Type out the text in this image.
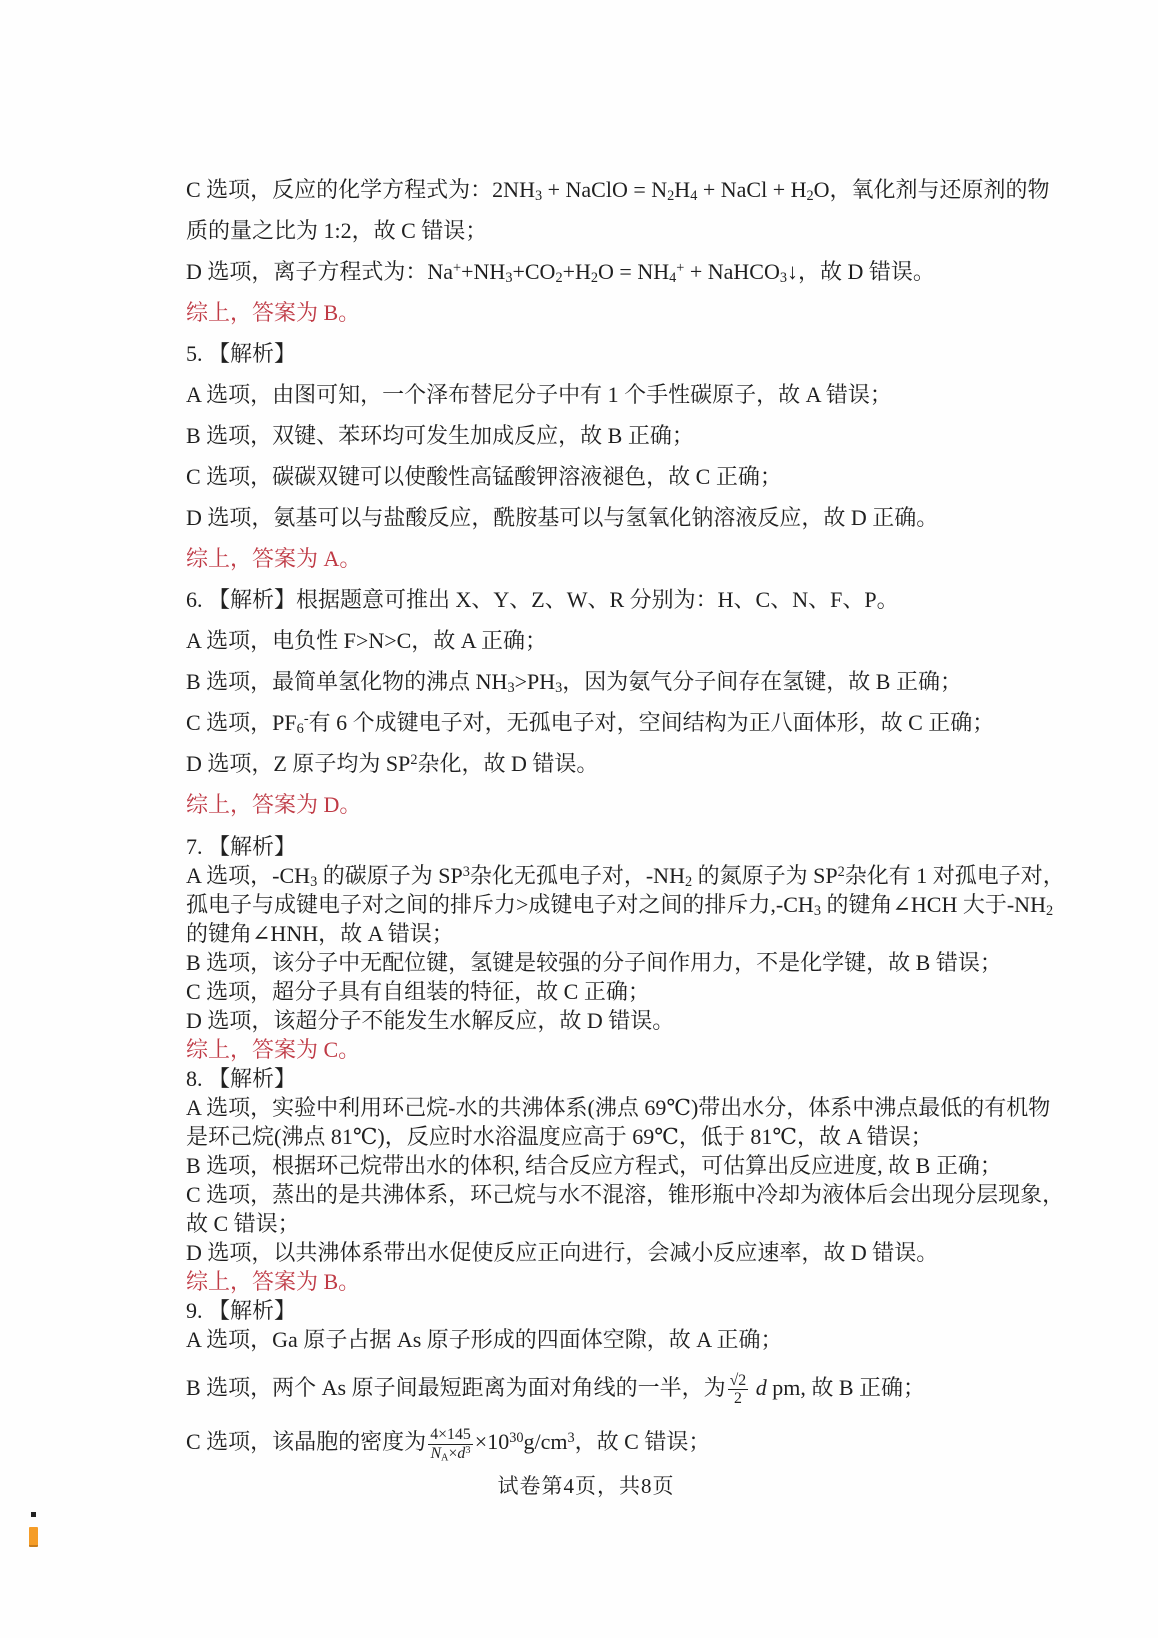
C 选项，反应的化学方程式为：$2NH_3$ + NaClO = $N_2H_4$ + NaCl + $H_2O$，氧化剂与还原剂的物

质的量之比为 1:2，故 C 错误；

D 选项，离子方程式为：$Na^++NH_3+CO_2+H_2O = NH_4^+$ + NaHCO$_3$↓，故 D 错误。

综上，答案为 B。

5. 【解析】

A 选项，由图可知，一个泽布替尼分子中有 1 个手性碳原子，故 A 错误；

B 选项，双键、苯环均可发生加成反应，故 B 正确；

C 选项，碳碳双键可以使酸性高锰酸钾溶液褪色，故 C 正确；

D 选项，氨基可以与盐酸反应，酰胺基可以与氢氧化钠溶液反应，故 D 正确。

综上，答案为 A。

6. 【解析】根据题意可推出 X、Y、Z、W、R 分别为：H、C、N、F、P。

A 选项，电负性 F>N>C，故 A 正确；

B 选项，最简单氢化物的沸点 $NH_3>PH_3$，因为氨气分子间存在氢键，故 B 正确；

C 选项，$PF_6^-$有 6 个成键电子对，无孤电子对，空间结构为正八面体形，故 C 正确；

D 选项，Z 原子均为 $SP^2$杂化，故 D 错误。

综上，答案为 D。

7. 【解析】

A 选项，$-CH_3$ 的碳原子为 $SP^3$杂化无孤电子对，$-NH_2$ 的氮原子为 $SP^2$杂化有 1 对孤电子对，

孤电子与成键电子对之间的排斥力>成键电子对之间的排斥力$,-CH_3$ 的键角∠HCH 大于$-NH_2$

的键角∠HNH，故 A 错误；

B 选项，该分子中无配位键，氢键是较强的分子间作用力，不是化学键，故 B 错误；

C 选项，超分子具有自组装的特征，故 C 正确；

D 选项，该超分子不能发生水解反应，故 D 错误。

综上，答案为 C。

8. 【解析】

A 选项，实验中利用环己烷-水的共沸体系(沸点 69℃)带出水分，体系中沸点最低的有机物

是环己烷(沸点 81℃)，反应时水浴温度应高于 69℃，低于 81℃，故 A 错误；

B 选项，根据环己烷带出水的体积, 结合反应方程式，可估算出反应进度, 故 B 正确；

C 选项，蒸出的是共沸体系，环己烷与水不混溶，锥形瓶中冷却为液体后会出现分层现象，

故 C 错误；

D 选项，以共沸体系带出水促使反应正向进行，会减小反应速率，故 D 错误。

综上，答案为 B。

9. 【解析】

A 选项，Ga 原子占据 As 原子形成的四面体空隙，故 A 正确；

B 选项，两个 As 原子间最短距离为面对角线的一半，为 $\frac{√2}{2}$ d pm, 故 B 正确；

C 选项，该晶胞的密度为 $\frac{4\times 145}{N_A\times d^3} \times 10^{30}g/cm^3$，故 C 错误；

试卷第4页，共8页
